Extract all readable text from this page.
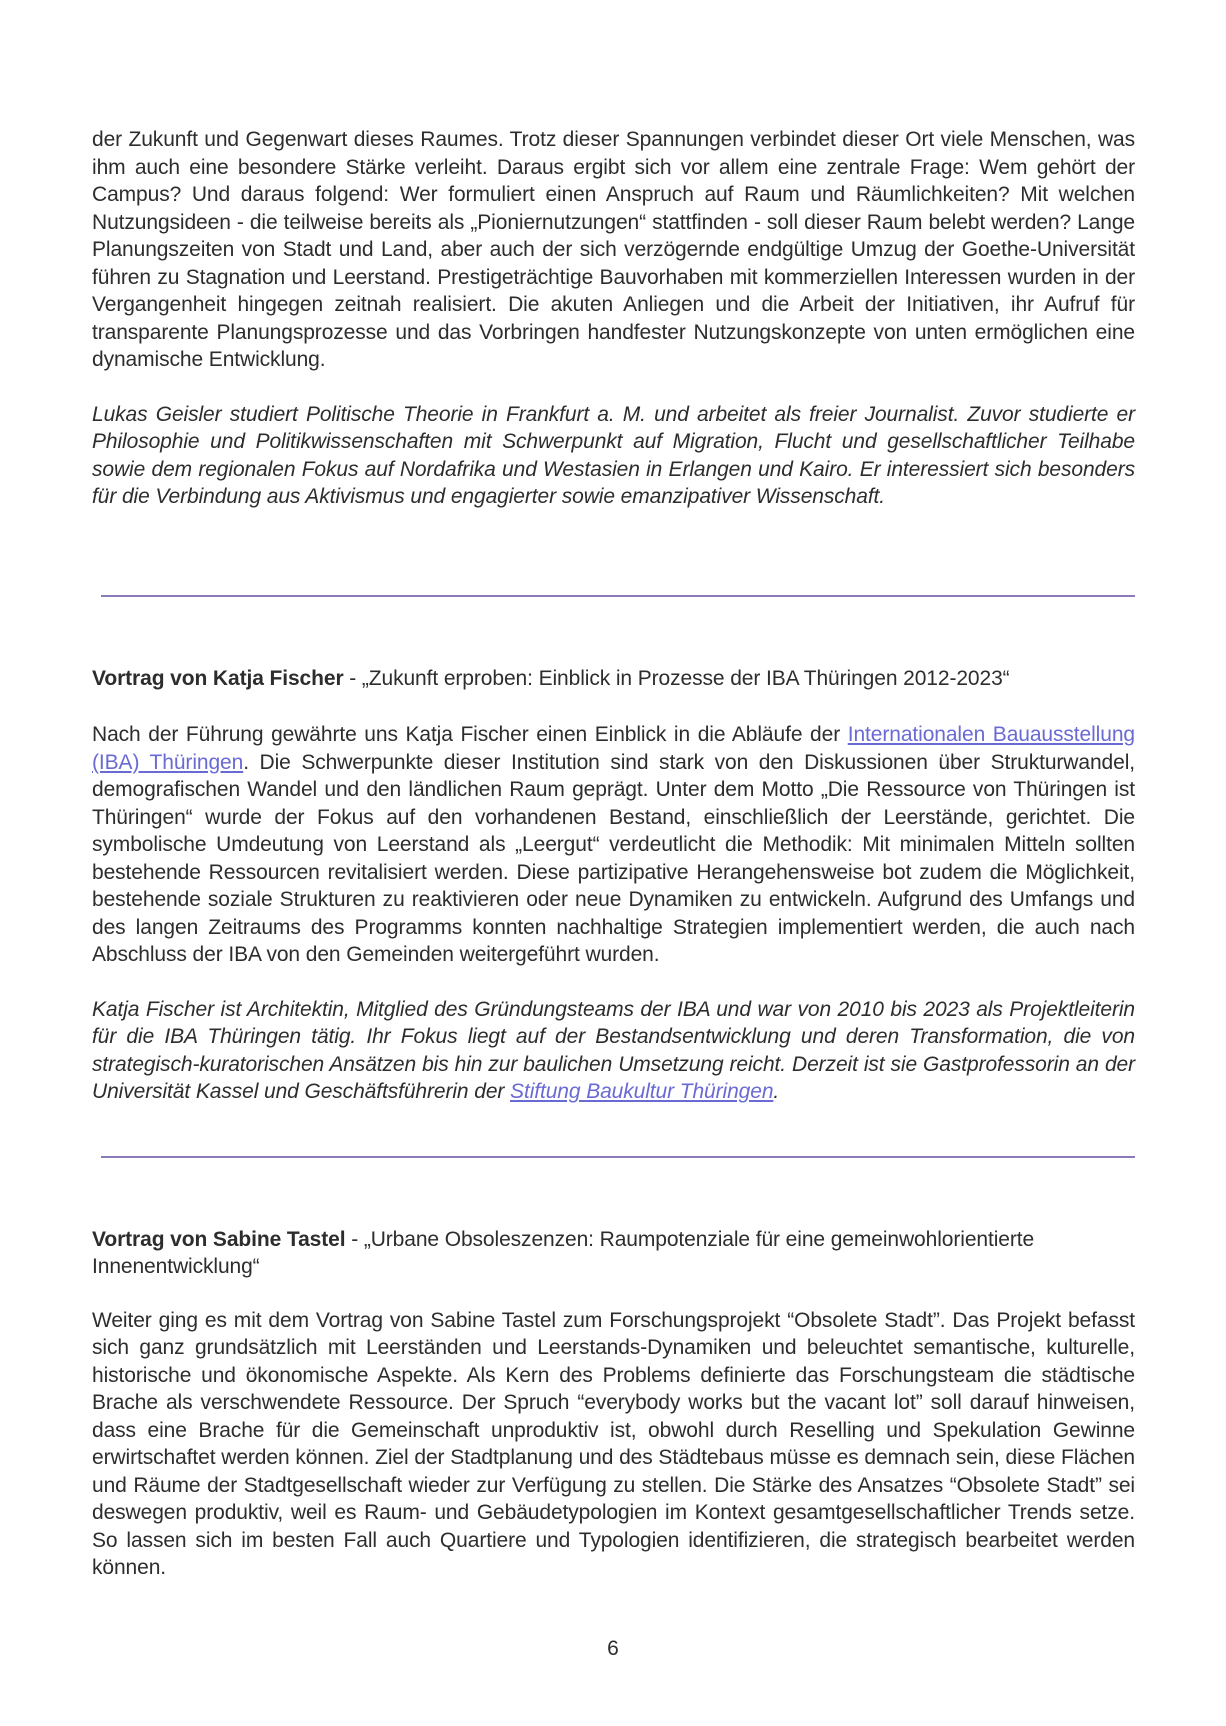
der Zukunft und Gegenwart dieses Raumes. Trotz dieser Spannungen verbindet dieser Ort viele Menschen, was ihm auch eine besondere Stärke verleiht. Daraus ergibt sich vor allem eine zentrale Frage: Wem gehört der Campus? Und daraus folgend: Wer formuliert einen Anspruch auf Raum und Räumlichkeiten? Mit welchen Nutzungsideen - die teilweise bereits als „Pioniernutzungen“ stattfinden - soll dieser Raum belebt werden? Lange Planungszeiten von Stadt und Land, aber auch der sich verzögernde endgültige Umzug der Goethe-Universität führen zu Stagnation und Leerstand. Prestigeträchtige Bauvorhaben mit kommerziellen Interessen wurden in der Vergangenheit hingegen zeitnah realisiert. Die akuten Anliegen und die Arbeit der Initiativen, ihr Aufruf für transparente Planungsprozesse und das Vorbringen handfester Nutzungskonzepte von unten ermöglichen eine dynamische Entwicklung.

Lukas Geisler studiert Politische Theorie in Frankfurt a. M. und arbeitet als freier Journalist. Zuvor studierte er Philosophie und Politikwissenschaften mit Schwerpunkt auf Migration, Flucht und gesellschaftlicher Teilhabe sowie dem regionalen Fokus auf Nordafrika und Westasien in Erlangen und Kairo. Er interessiert sich besonders für die Verbindung aus Aktivismus und engagierter sowie emanzipativer Wissenschaft.

Vortrag von Katja Fischer - „Zukunft erproben: Einblick in Prozesse der IBA Thüringen 2012-2023“

Nach der Führung gewährte uns Katja Fischer einen Einblick in die Abläufe der Internationalen Bauausstellung (IBA) Thüringen. Die Schwerpunkte dieser Institution sind stark von den Diskussionen über Strukturwandel, demografischen Wandel und den ländlichen Raum geprägt. Unter dem Motto „Die Ressource von Thüringen ist Thüringen“ wurde der Fokus auf den vorhandenen Bestand, einschließlich der Leerstände, gerichtet. Die symbolische Umdeutung von Leerstand als „Leergut“ verdeutlicht die Methodik: Mit minimalen Mitteln sollten bestehende Ressourcen revitalisiert werden. Diese partizipative Herangehensweise bot zudem die Möglichkeit, bestehende soziale Strukturen zu reaktivieren oder neue Dynamiken zu entwickeln. Aufgrund des Umfangs und des langen Zeitraums des Programms konnten nachhaltige Strategien implementiert werden, die auch nach Abschluss der IBA von den Gemeinden weitergeführt wurden.

Katja Fischer ist Architektin, Mitglied des Gründungsteams der IBA und war von 2010 bis 2023 als Projektleiterin für die IBA Thüringen tätig. Ihr Fokus liegt auf der Bestandsentwicklung und deren Transformation, die von strategisch-kuratorischen Ansätzen bis hin zur baulichen Umsetzung reicht. Derzeit ist sie Gastprofessorin an der Universität Kassel und Geschäftsführerin der Stiftung Baukultur Thüringen.

Vortrag von Sabine Tastel - „Urbane Obsoleszenzen: Raumpotenziale für eine gemeinwohlorientierte Innenentwicklung“

Weiter ging es mit dem Vortrag von Sabine Tastel zum Forschungsprojekt “Obsolete Stadt”. Das Projekt befasst sich ganz grundsätzlich mit Leerständen und Leerstands-Dynamiken und beleuchtet semantische, kulturelle, historische und ökonomische Aspekte. Als Kern des Problems definierte das Forschungsteam die städtische Brache als verschwendete Ressource. Der Spruch “everybody works but the vacant lot” soll darauf hinweisen, dass eine Brache für die Gemeinschaft unproduktiv ist, obwohl durch Reselling und Spekulation Gewinne erwirtschaftet werden können. Ziel der Stadtplanung und des Städtebaus müsse es demnach sein, diese Flächen und Räume der Stadtgesellschaft wieder zur Verfügung zu stellen. Die Stärke des Ansatzes “Obsolete Stadt” sei deswegen produktiv, weil es Raum- und Gebäudetypologien im Kontext gesamtgesellschaftlicher Trends setze. So lassen sich im besten Fall auch Quartiere und Typologien identifizieren, die strategisch bearbeitet werden können.

6
